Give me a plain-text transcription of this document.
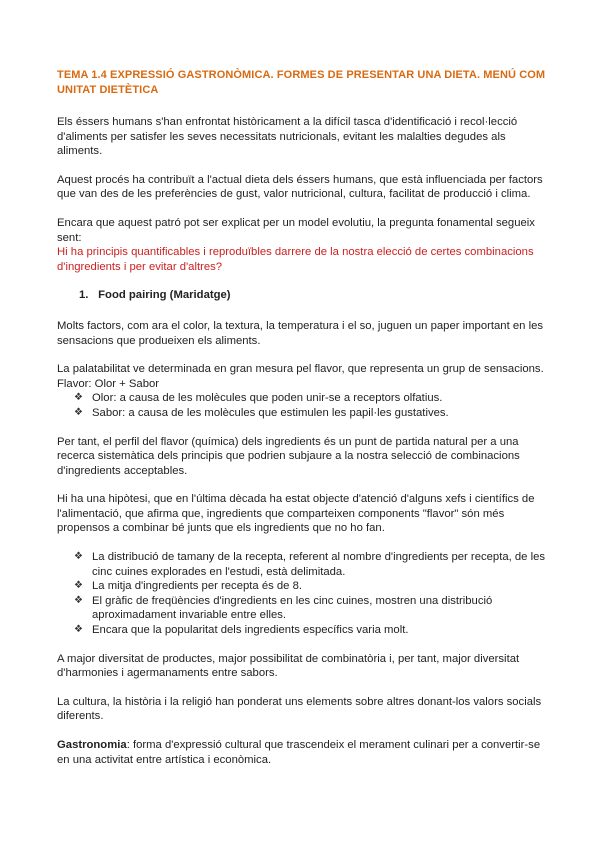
TEMA 1.4 EXPRESSIÓ GASTRONÒMICA. FORMES DE PRESENTAR UNA DIETA. MENÚ COM UNITAT DIETÈTICA

Els éssers humans s'han enfrontat històricament a la difícil tasca d'identificació i recol·lecció d'aliments per satisfer les seves necessitats nutricionals, evitant les malalties degudes als aliments.

Aquest procés ha contribuït a l'actual dieta dels éssers humans, que està influenciada per factors que van des de les preferències de gust, valor nutricional, cultura, facilitat de producció i clima.

Encara que aquest patró pot ser explicat per un model evolutiu, la pregunta fonamental segueix sent:
Hi ha principis quantificables i reproduïbles darrere de la nostra elecció de certes combinacions d'ingredients i per evitar d'altres?

1. Food pairing (Maridatge)

Molts factors, com ara el color, la textura, la temperatura i el so, juguen un paper important en les sensacions que produeixen els aliments.

La palatabilitat ve determinada en gran mesura pel flavor, que representa un grup de sensacions.
Flavor: Olor + Sabor

❖ Olor: a causa de les molècules que poden unir-se a receptors olfatius.
❖ Sabor: a causa de les molècules que estimulen les papil·les gustatives.

Per tant, el perfil del flavor (química) dels ingredients és un punt de partida natural per a una recerca sistemàtica dels principis que podrien subjaure a la nostra selecció de combinacions d'ingredients acceptables.

Hi ha una hipòtesi, que en l'última dècada ha estat objecte d'atenció d'alguns xefs i científics de l'alimentació, que afirma que, ingredients que comparteixen components "flavor" són més propensos a combinar bé junts que els ingredients que no ho fan.

❖ La distribució de tamany de la recepta, referent al nombre d'ingredients per recepta, de les cinc cuines explorades en l'estudi, està delimitada.
❖ La mitja d'ingredients per recepta és de 8.
❖ El gràfic de freqüències d'ingredients en les cinc cuines, mostren una distribució aproximadament invariable entre elles.
❖ Encara que la popularitat dels ingredients específics varia molt.

A major diversitat de productes, major possibilitat de combinatòria i, per tant, major diversitat d'harmonies i agermanaments entre sabors.

La cultura, la història i la religió han ponderat uns elements sobre altres donant-los valors socials diferents.

Gastronomia: forma d'expressió cultural que trascendeix el merament culinari per a convertir-se en una activitat entre artística i econòmica.
